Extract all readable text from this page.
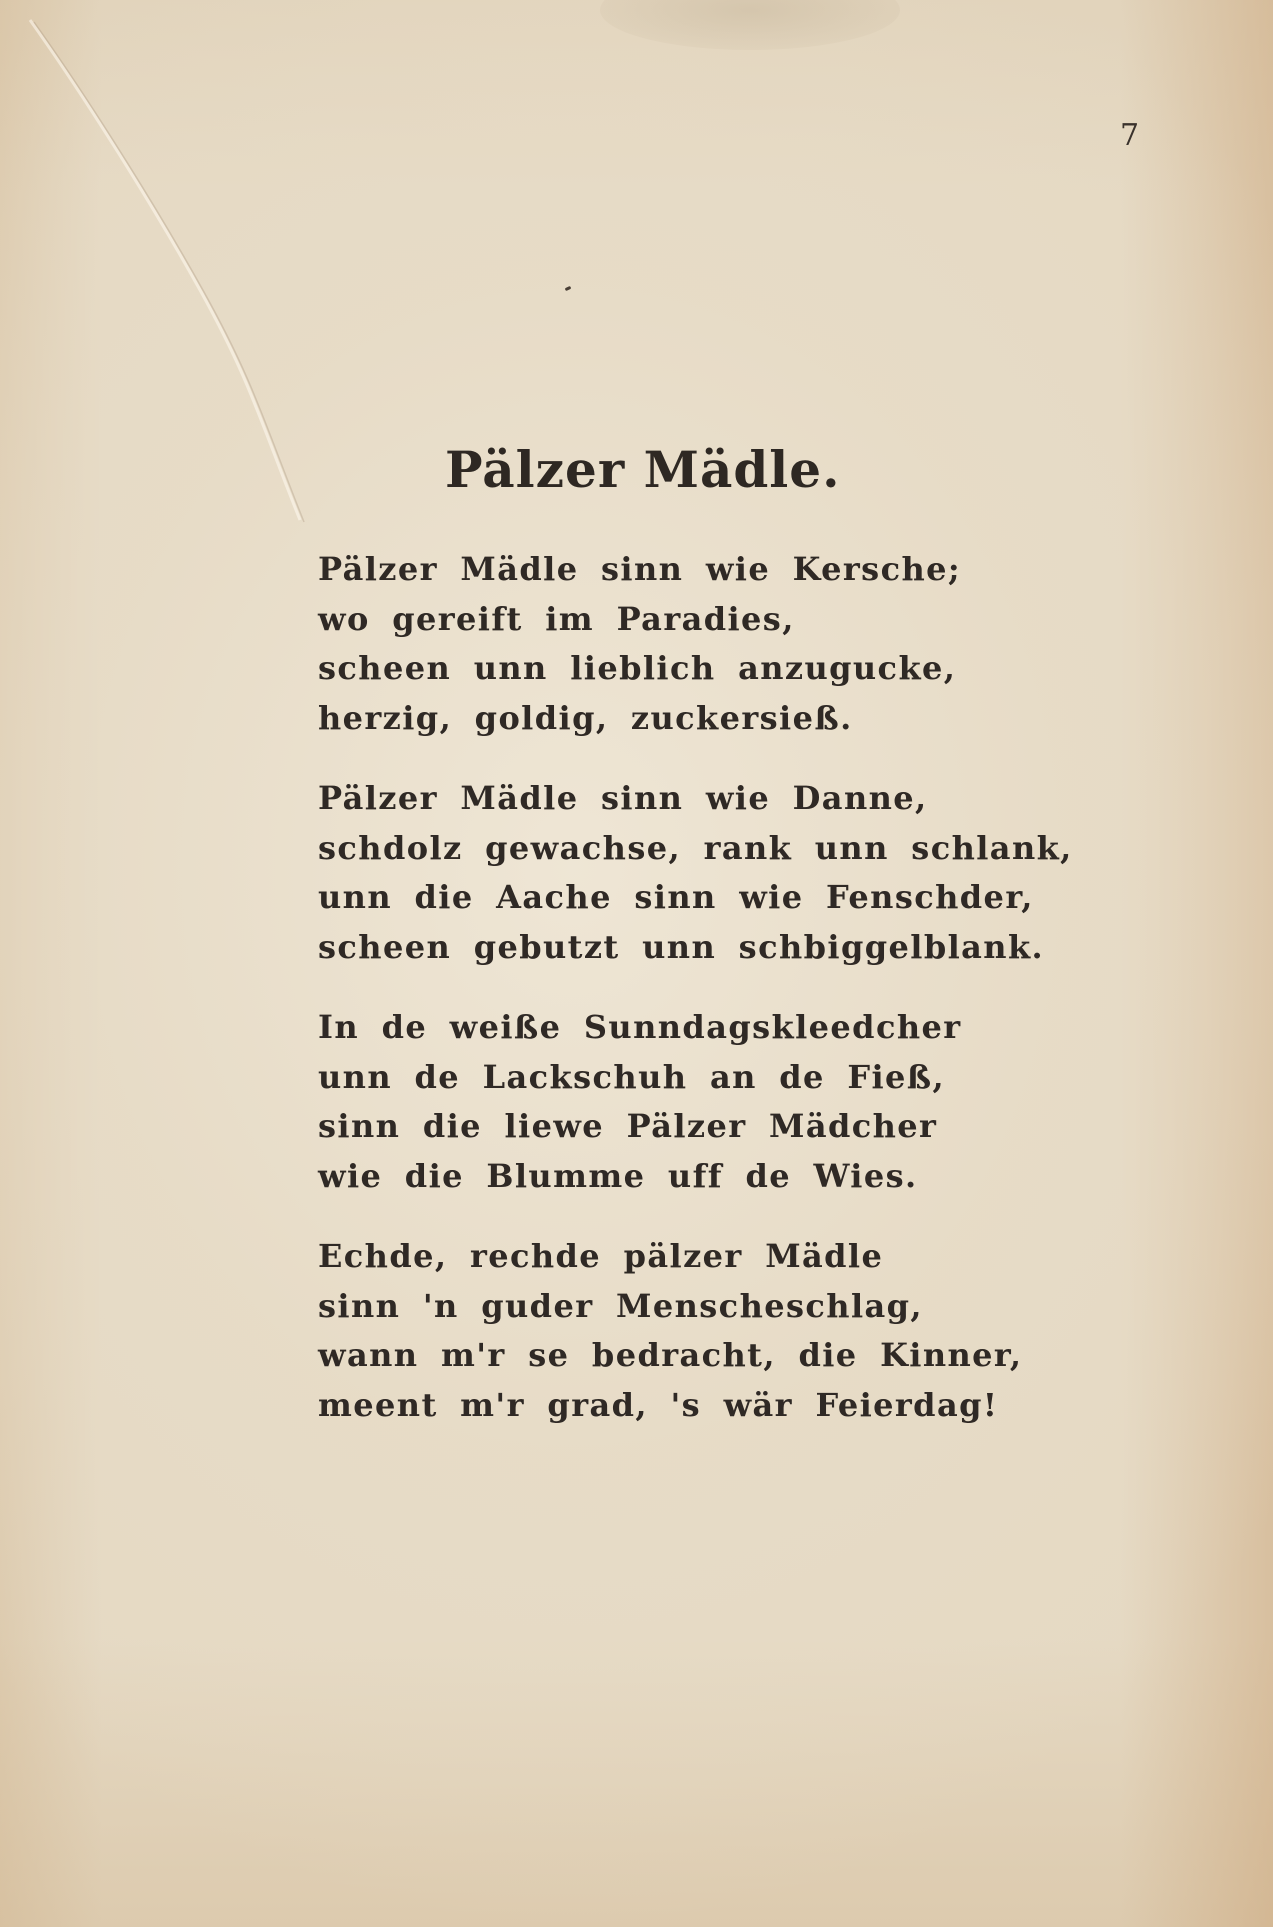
7
Pälzer Mädle.
Pälzer Mädle sinn wie Kersche;
wo gereift im Paradies,
scheen unn lieblich anzugucke,
herzig, goldig, zuckersieß.
Pälzer Mädle sinn wie Danne,
schdolz gewachse, rank unn schlank,
unn die Aache sinn wie Fenschder,
scheen gebutzt unn schbiggelblank.
In de weiße Sunndagskleedcher
unn de Lackschuh an de Fieß,
sinn die liewe Pälzer Mädcher
wie die Blumme uff de Wies.
Echde, rechde pälzer Mädle
sinn 'n guder Menscheschlag,
wann m'r se bedracht, die Kinner,
meent m'r grad, 's wär Feierdag!
